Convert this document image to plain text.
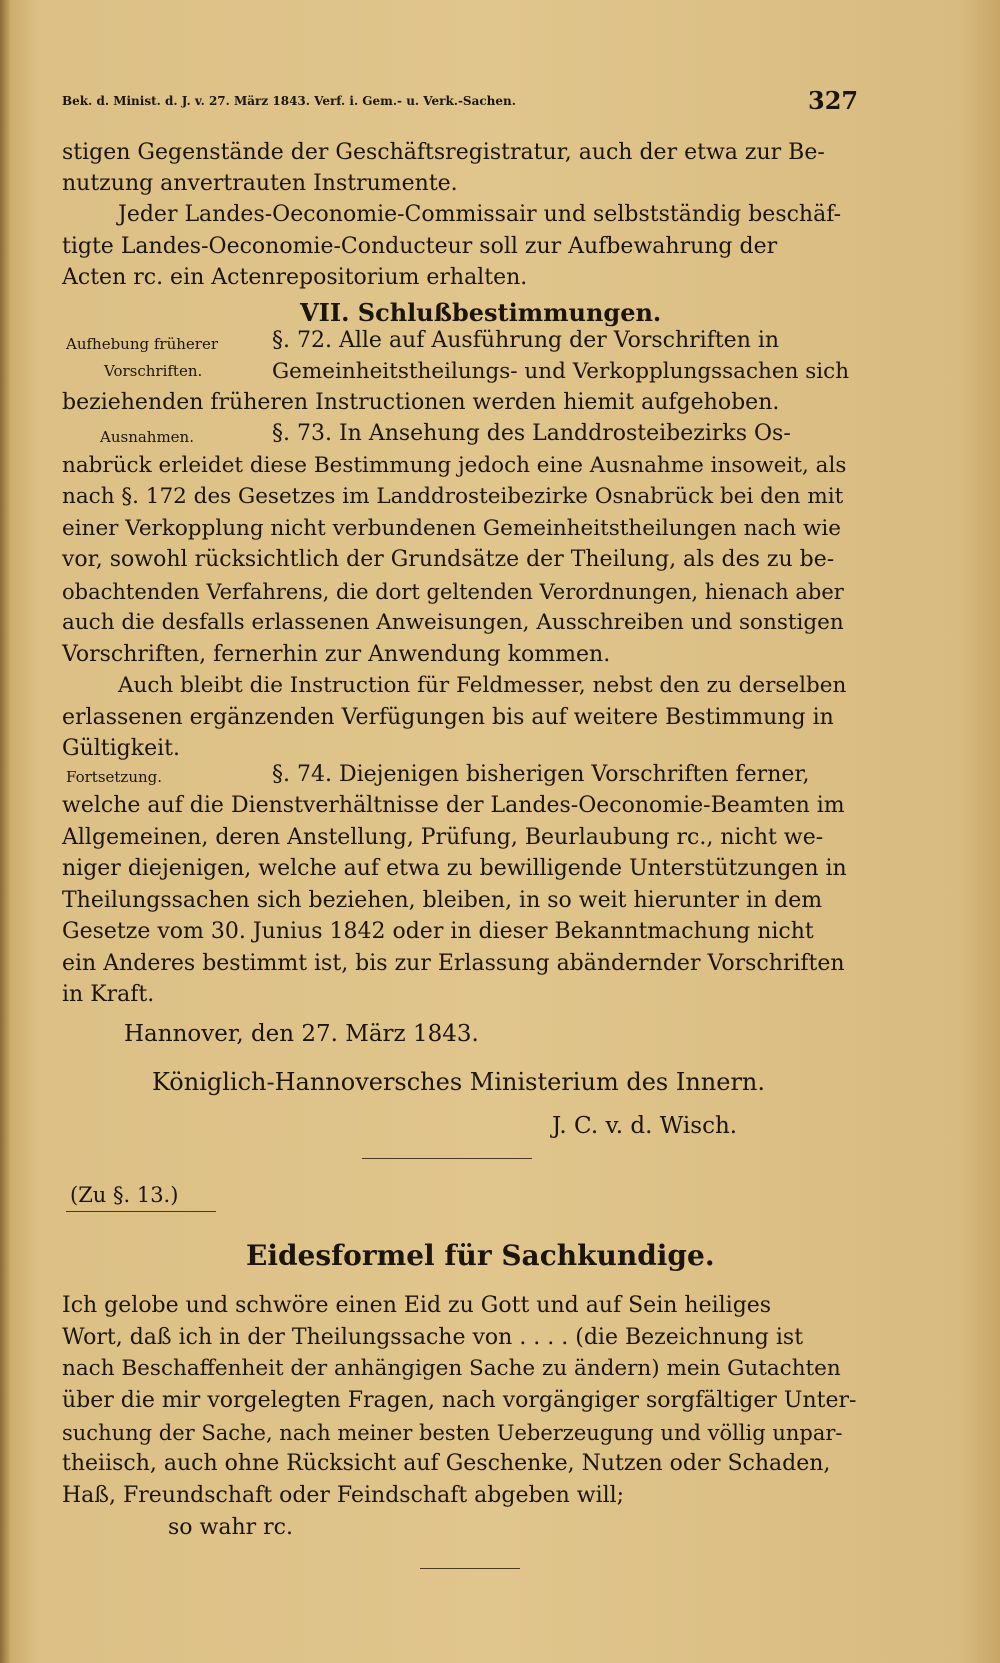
Bek. d. Minist. d. J. v. 27. März 1843. Verf. i. Gem.- u. Verk.-Sachen.	327
stigen Gegenstände der Geschäftsregistratur, auch der etwa zur Be-
nutzung anvertrauten Instrumente.
Jeder Landes-Oeconomie-Commissair und selbstständig beschäf-
tigte Landes-Oeconomie-Conducteur soll zur Aufbewahrung der
Acten rc. ein Actenrepositorium erhalten.
VII. Schlußbestimmungen.
Aufhebung früherer
Vorschriften.
§. 72. Alle auf Ausführung der Vorschriften in
Gemeinheitstheilungs- und Verkopplungssachen sich
beziehenden früheren Instructionen werden hiemit aufgehoben.
Ausnahmen.	§. 73. In Ansehung des Landdrosteibezirks Os-
nabrück erleidet diese Bestimmung jedoch eine Ausnahme insoweit, als
nach §. 172 des Gesetzes im Landdrosteibezirke Osnabrück bei den mit
einer Verkopplung nicht verbundenen Gemeinheitstheilungen nach wie
vor, sowohl rücksichtlich der Grundsätze der Theilung, als des zu be-
obachtenden Verfahrens, die dort geltenden Verordnungen, hienach aber
auch die desfalls erlassenen Anweisungen, Ausschreiben und sonstigen
Vorschriften, fernerhin zur Anwendung kommen.
Auch bleibt die Instruction für Feldmesser, nebst den zu derselben
erlassenen ergänzenden Verfügungen bis auf weitere Bestimmung in
Gültigkeit.
Fortsetzung.	§. 74. Diejenigen bisherigen Vorschriften ferner,
welche auf die Dienstverhältnisse der Landes-Oeconomie-Beamten im
Allgemeinen, deren Anstellung, Prüfung, Beurlaubung rc., nicht we-
niger diejenigen, welche auf etwa zu bewilligende Unterstützungen in
Theilungssachen sich beziehen, bleiben, in so weit hierunter in dem
Gesetze vom 30. Junius 1842 oder in dieser Bekanntmachung nicht
ein Anderes bestimmt ist, bis zur Erlassung abändernder Vorschriften
in Kraft.
Hannover, den 27. März 1843.
Königlich-Hannoversches Ministerium des Innern.
J. C. v. d. Wisch.
(Zu §. 13.)
Eidesformel für Sachkundige.
Ich gelobe und schwöre einen Eid zu Gott und auf Sein heiliges
Wort, daß ich in der Theilungssache von . . . . (die Bezeichnung ist
nach Beschaffenheit der anhängigen Sache zu ändern) mein Gutachten
über die mir vorgelegten Fragen, nach vorgängiger sorgfältiger Unter-
suchung der Sache, nach meiner besten Ueberzeugung und völlig unpar-
theiisch, auch ohne Rücksicht auf Geschenke, Nutzen oder Schaden,
Haß, Freundschaft oder Feindschaft abgeben will;
so wahr rc.
